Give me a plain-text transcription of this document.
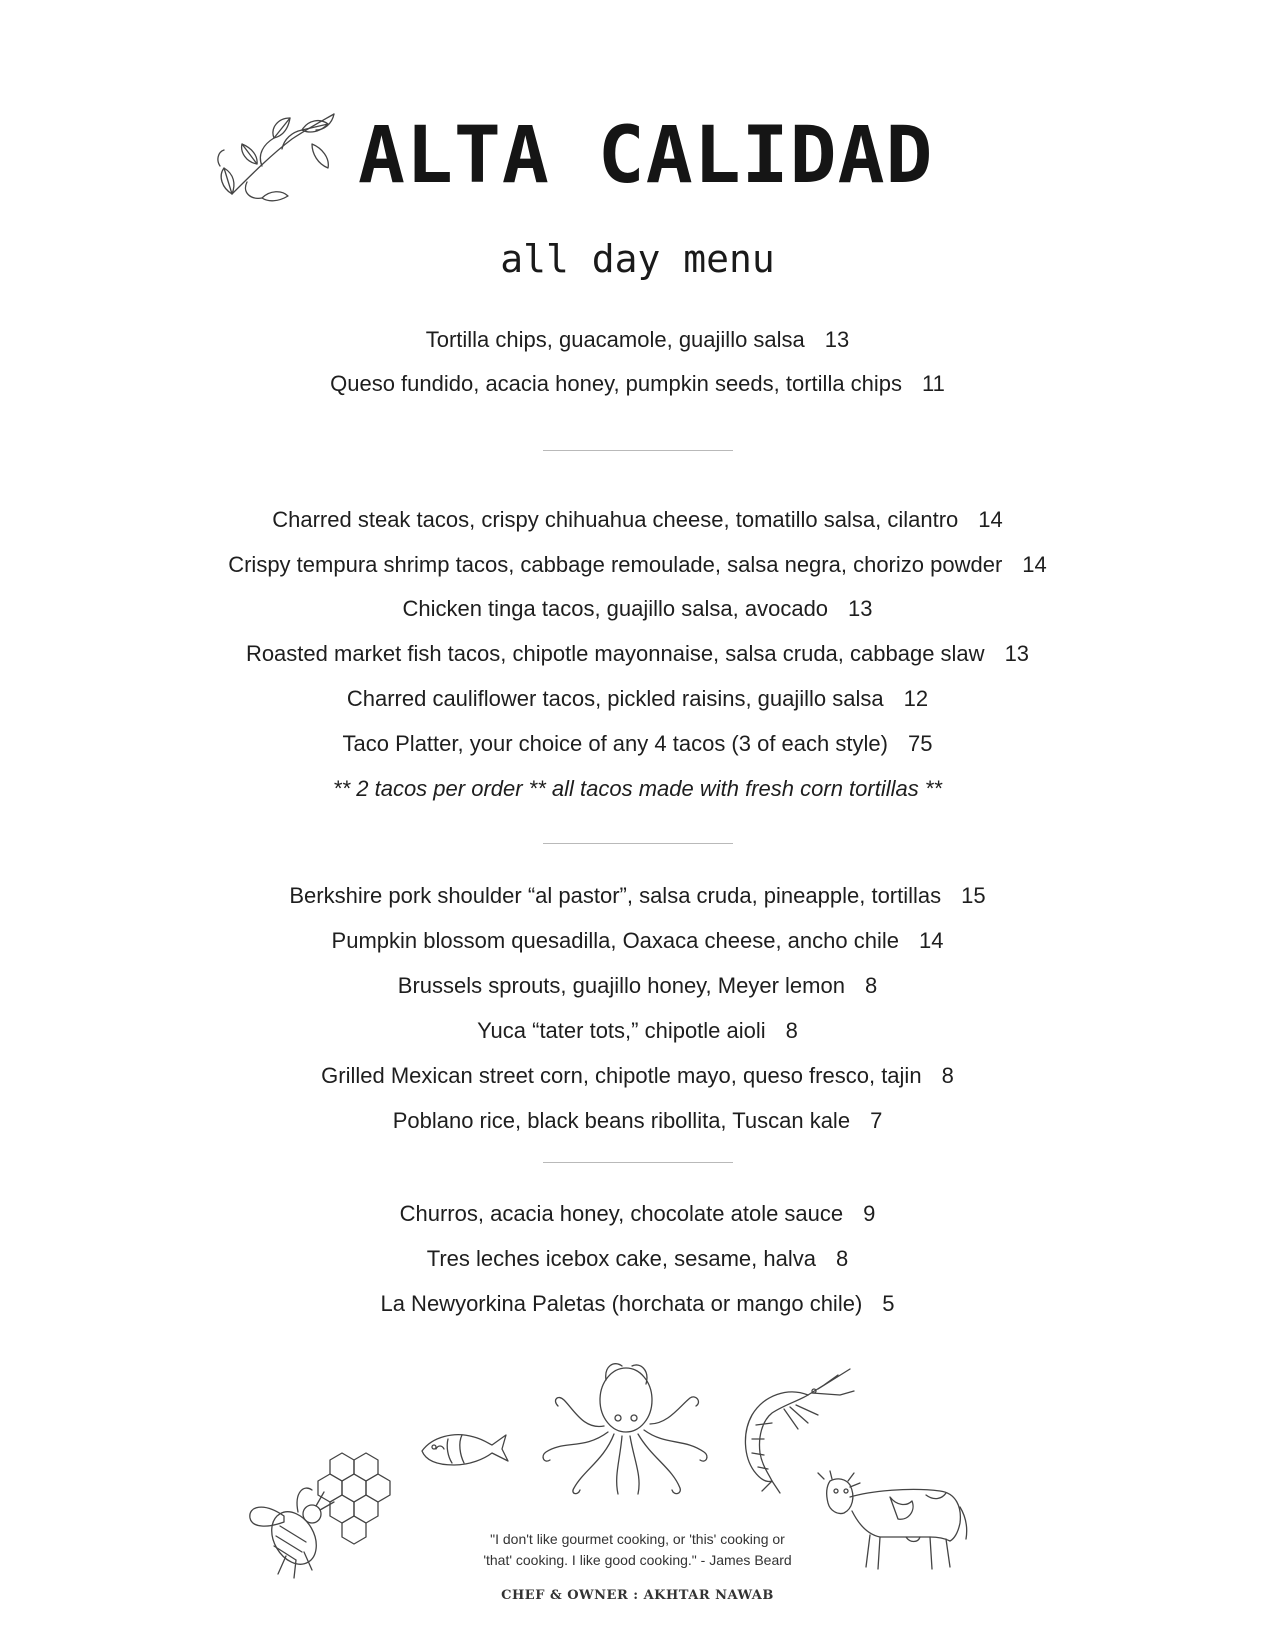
ALTA CALIDAD
all day menu
Tortilla chips, guacamole, guajillo salsa 13
Queso fundido, acacia honey, pumpkin seeds, tortilla chips 11
Charred steak tacos, crispy chihuahua cheese, tomatillo salsa, cilantro 14
Crispy tempura shrimp tacos, cabbage remoulade, salsa negra, chorizo powder 14
Chicken tinga tacos, guajillo salsa, avocado 13
Roasted market fish tacos, chipotle mayonnaise, salsa cruda, cabbage slaw 13
Charred cauliflower tacos, pickled raisins, guajillo salsa 12
Taco Platter, your choice of any 4 tacos (3 of each style) 75
** 2 tacos per order ** all tacos made with fresh corn tortillas **
Berkshire pork shoulder “al pastor”, salsa cruda, pineapple, tortillas 15
Pumpkin blossom quesadilla, Oaxaca cheese, ancho chile 14
Brussels sprouts, guajillo honey, Meyer lemon 8
Yuca “tater tots,” chipotle aioli 8
Grilled Mexican street corn, chipotle mayo, queso fresco, tajin 8
Poblano rice, black beans ribollita, Tuscan kale 7
Churros, acacia honey, chocolate atole sauce 9
Tres leches icebox cake, sesame, halva 8
La Newyorkina Paletas (horchata or mango chile) 5
"I don't like gourmet cooking, or 'this' cooking or
'that' cooking. I like good cooking." - James Beard
CHEF & OWNER : AKHTAR NAWAB
